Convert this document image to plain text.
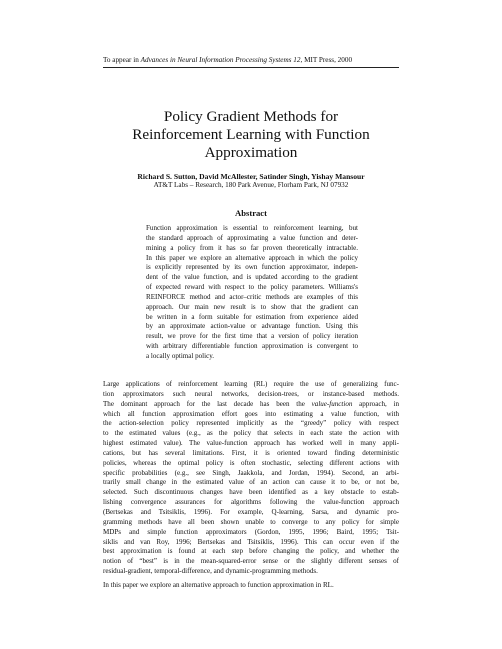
To appear in Advances in Neural Information Processing Systems 12, MIT Press, 2000
Policy Gradient Methods for
Reinforcement Learning with Function
Approximation
Richard S. Sutton, David McAllester, Satinder Singh, Yishay Mansour
AT&T Labs – Research, 180 Park Avenue, Florham Park, NJ 07932
Abstract
Function approximation is essential to reinforcement learning, but
the standard approach of approximating a value function and deter-
mining a policy from it has so far proven theoretically intractable.
In this paper we explore an alternative approach in which the policy
is explicitly represented by its own function approximator, indepen-
dent of the value function, and is updated according to the gradient
of expected reward with respect to the policy parameters. Williams's
REINFORCE method and actor–critic methods are examples of this
approach. Our main new result is to show that the gradient can
be written in a form suitable for estimation from experience aided
by an approximate action-value or advantage function. Using this
result, we prove for the first time that a version of policy iteration
with arbitrary differentiable function approximation is convergent to
a locally optimal policy.
Large applications of reinforcement learning (RL) require the use of generalizing func-
tion approximators such neural networks, decision-trees, or instance-based methods.
The dominant approach for the last decade has been the value-function approach, in
which all function approximation effort goes into estimating a value function, with
the action-selection policy represented implicitly as the “greedy” policy with respect
to the estimated values (e.g., as the policy that selects in each state the action with
highest estimated value). The value-function approach has worked well in many appli-
cations, but has several limitations. First, it is oriented toward finding deterministic
policies, whereas the optimal policy is often stochastic, selecting different actions with
specific probabilities (e.g., see Singh, Jaakkola, and Jordan, 1994). Second, an arbi-
trarily small change in the estimated value of an action can cause it to be, or not be,
selected. Such discontinuous changes have been identified as a key obstacle to estab-
lishing convergence assurances for algorithms following the value-function approach
(Bertsekas and Tsitsiklis, 1996). For example, Q-learning, Sarsa, and dynamic pro-
gramming methods have all been shown unable to converge to any policy for simple
MDPs and simple function approximators (Gordon, 1995, 1996; Baird, 1995; Tsit-
siklis and van Roy, 1996; Bertsekas and Tsitsiklis, 1996). This can occur even if the
best approximation is found at each step before changing the policy, and whether the
notion of “best” is in the mean-squared-error sense or the slightly different senses of
residual-gradient, temporal-difference, and dynamic-programming methods.
In this paper we explore an alternative approach to function approximation in RL.
